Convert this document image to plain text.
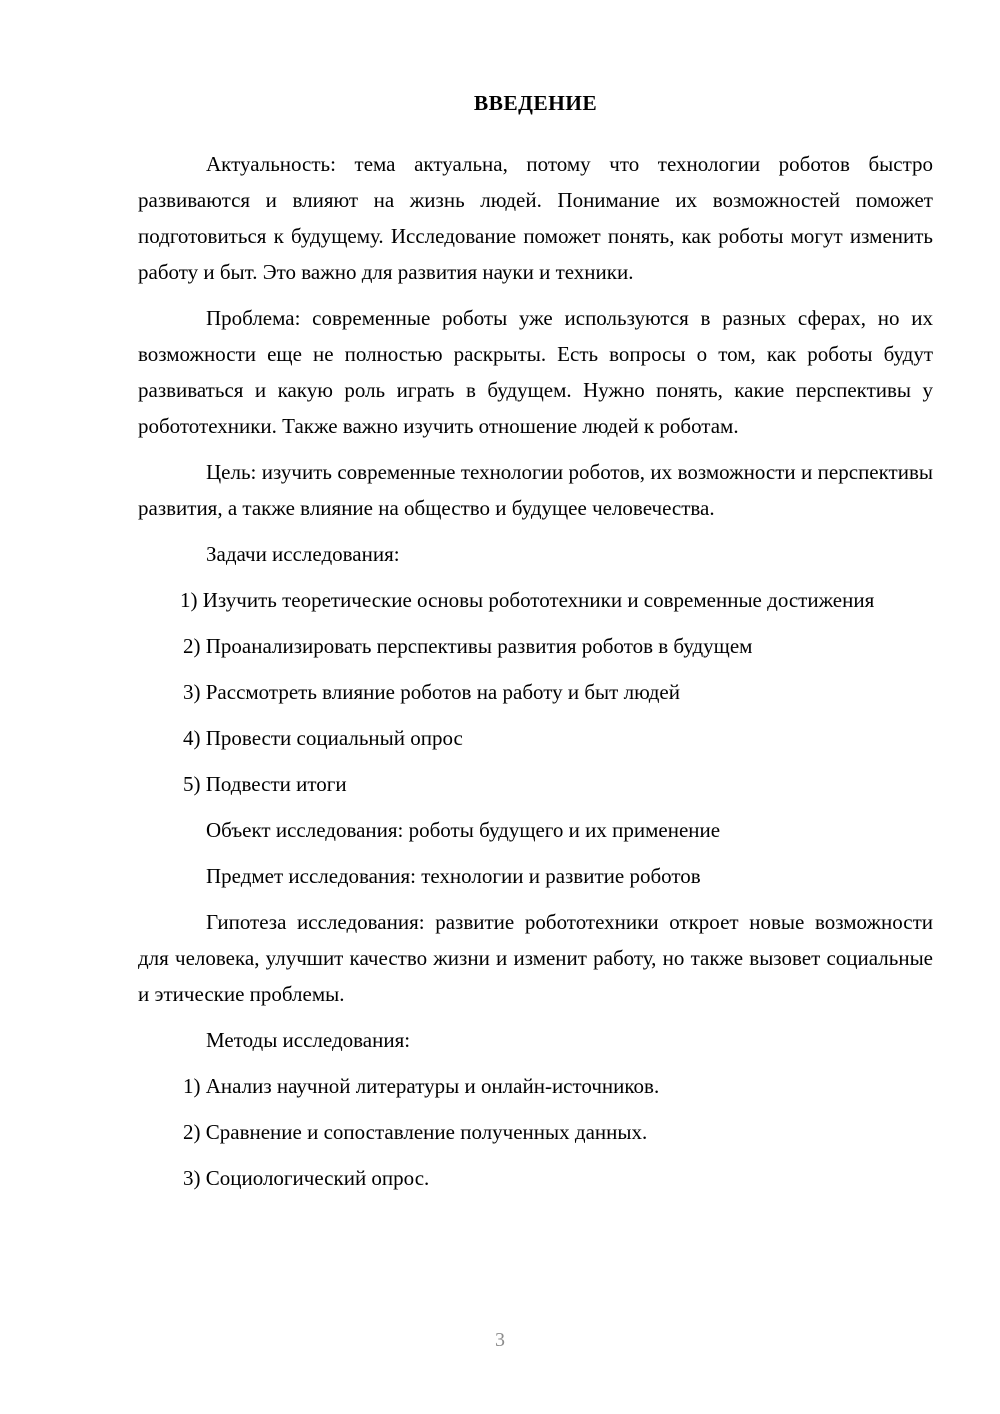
ВВЕДЕНИЕ

Актуальность: тема актуальна, потому что технологии роботов быстро развиваются и влияют на жизнь людей. Понимание их возможностей поможет подготовиться к будущему. Исследование поможет понять, как роботы могут изменить работу и быт. Это важно для развития науки и техники.

Проблема: современные роботы уже используются в разных сферах, но их возможности еще не полностью раскрыты. Есть вопросы о том, как роботы будут развиваться и какую роль играть в будущем. Нужно понять, какие перспективы у робототехники. Также важно изучить отношение людей к роботам.

Цель: изучить современные технологии роботов, их возможности и перспективы развития, а также влияние на общество и будущее человечества.

Задачи исследования:

1) Изучить теоретические основы робототехники и современные достижения

2) Проанализировать перспективы развития роботов в будущем

3) Рассмотреть влияние роботов на работу и быт людей

4) Провести социальный опрос

5) Подвести итоги

Объект исследования: роботы будущего и их применение

Предмет исследования: технологии и развитие роботов

Гипотеза исследования: развитие робототехники откроет новые возможности для человека, улучшит качество жизни и изменит работу, но также вызовет социальные и этические проблемы.

Методы исследования:

1) Анализ научной литературы и онлайн-источников.

2) Сравнение и сопоставление полученных данных.

3) Социологический опрос.

3
